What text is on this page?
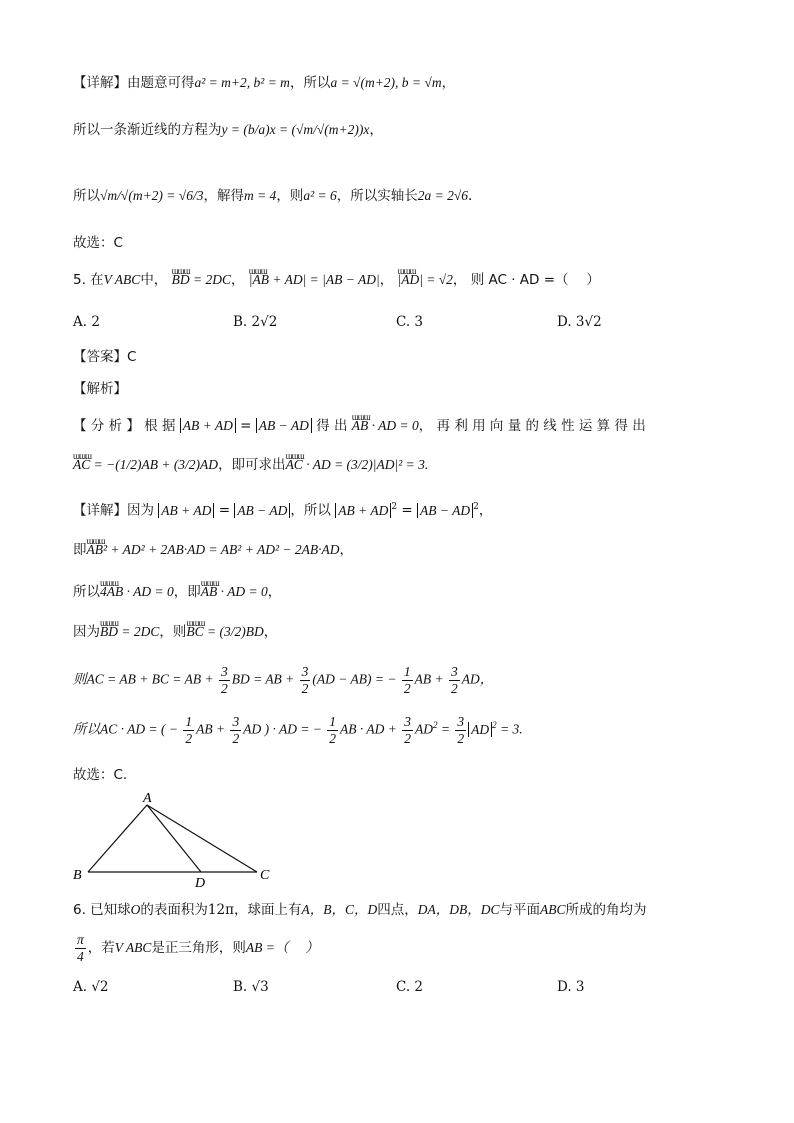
【详解】由题意可得a² = m+2, b² = m，所以a = √(m+2), b = √m，
所以一条渐近线的方程为y = (b/a)x = (√m/√(m+2))x，
所以√m/√(m+2) = √6/3，解得m = 4，则a² = 6，所以实轴长2a = 2√6.
故选：C
5. 在V ABC中， ɯɯɯ BD = 2DC， ɯɯɯ |AB + AD| = |AB − AD|， ɯɯɯ |AD| = √2， 则 AC · AD =（　 ）
A. 2	B. 2√2	C. 3	D. 3√2
【答案】C
【解析】
【 分 析 】 根 据 AB + AD = AB − AD 得 出 ɯɯɯ AB · AD = 0， 再 利 用 向 量 的 线 性 运 算 得 出
ɯɯɯ AC = −(1/2)AB + (3/2)AD，即可求出ɯɯɯ AC · AD = (3/2)|AD|² = 3.
【详解】因为 AB + AD = AB − AD ，所以 AB + AD $^2$ = AB − AD $^2$，
即ɯɯɯ AB² + AD² + 2AB·AD = AB² + AD² − 2AB·AD，
所以ɯɯɯ 4AB · AD = 0，即ɯɯɯ AB · AD = 0，
因为ɯɯɯ BD = 2DC，则ɯɯɯ BC = (3/2)BD，
则AC = AB + BC = AB + $\frac{3}{2}$ BD = AB + $\frac{3}{2} (AD - AB)$ = − $\frac{1}{2}$ AB + $\frac{3}{2}$ AD，
所以AC · AD = ( − $\frac{1}{2}$ AB + $\frac{3}{2}$ AD ) · AD = − $\frac{1}{2}$ AB · AD + $\frac{3}{2} AD^2 = \frac{3}{2}$ AD $^2$ = 3.
故选：C.
A
B	C
D
6. 已知球O的表面积为12π，球面上有A，B，C，D四点，DA，DB，DC与平面ABC所成的角均为
$\frac{\pi}{4}$ ，若V ABC是正三角形，则AB =（　 ）
A. √2	B. √3	C. 2	D. 3
